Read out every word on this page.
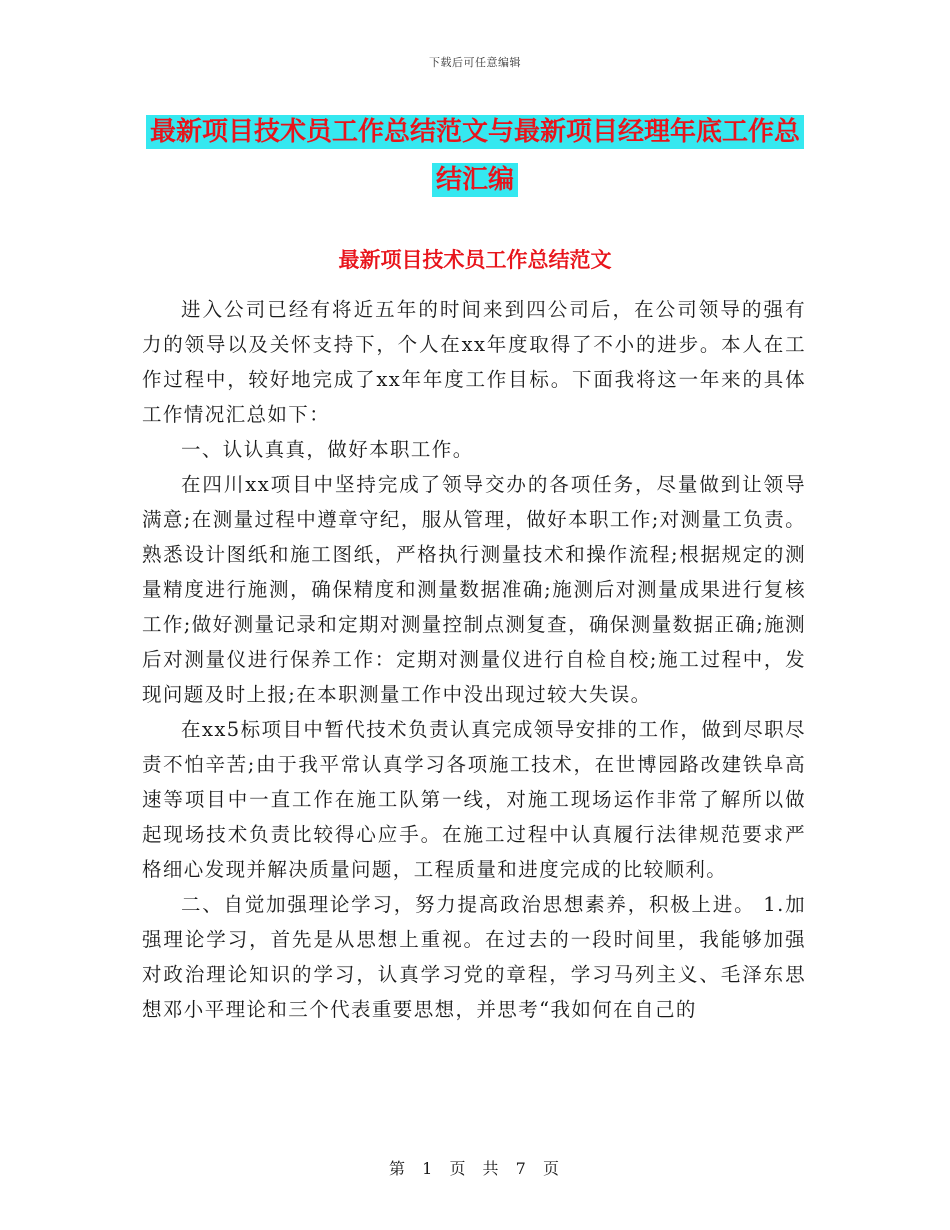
下载后可任意编辑
最新项目技术员工作总结范文与最新项目经理年底工作总结汇编
最新项目技术员工作总结范文

进入公司已经有将近五年的时间来到四公司后，在公司领导的强有力的领导以及关怀支持下，个人在xx年度取得了不小的进步。本人在工作过程中，较好地完成了xx年年度工作目标。下面我将这一年来的具体工作情况汇总如下：

一、认认真真，做好本职工作。

在四川xx项目中坚持完成了领导交办的各项任务，尽量做到让领导满意;在测量过程中遵章守纪，服从管理，做好本职工作;对测量工负责。熟悉设计图纸和施工图纸，严格执行测量技术和操作流程;根据规定的测量精度进行施测，确保精度和测量数据准确;施测后对测量成果进行复核工作;做好测量记录和定期对测量控制点测复查，确保测量数据正确;施测后对测量仪进行保养工作：定期对测量仪进行自检自校;施工过程中，发现问题及时上报;在本职测量工作中没出现过较大失误。

在xx5标项目中暂代技术负责认真完成领导安排的工作，做到尽职尽责不怕辛苦;由于我平常认真学习各项施工技术，在世博园路改建铁阜高速等项目中一直工作在施工队第一线，对施工现场运作非常了解所以做起现场技术负责比较得心应手。在施工过程中认真履行法律规范要求严格细心发现并解决质量问题，工程质量和进度完成的比较顺利。

二、自觉加强理论学习，努力提高政治思想素养，积极上进。 1.加强理论学习，首先是从思想上重视。在过去的一段时间里，我能够加强对政治理论知识的学习，认真学习党的章程，学习马列主义、毛泽东思想邓小平理论和三个代表重要思想，并思考“我如何在自己的

第 1 页 共 7 页
